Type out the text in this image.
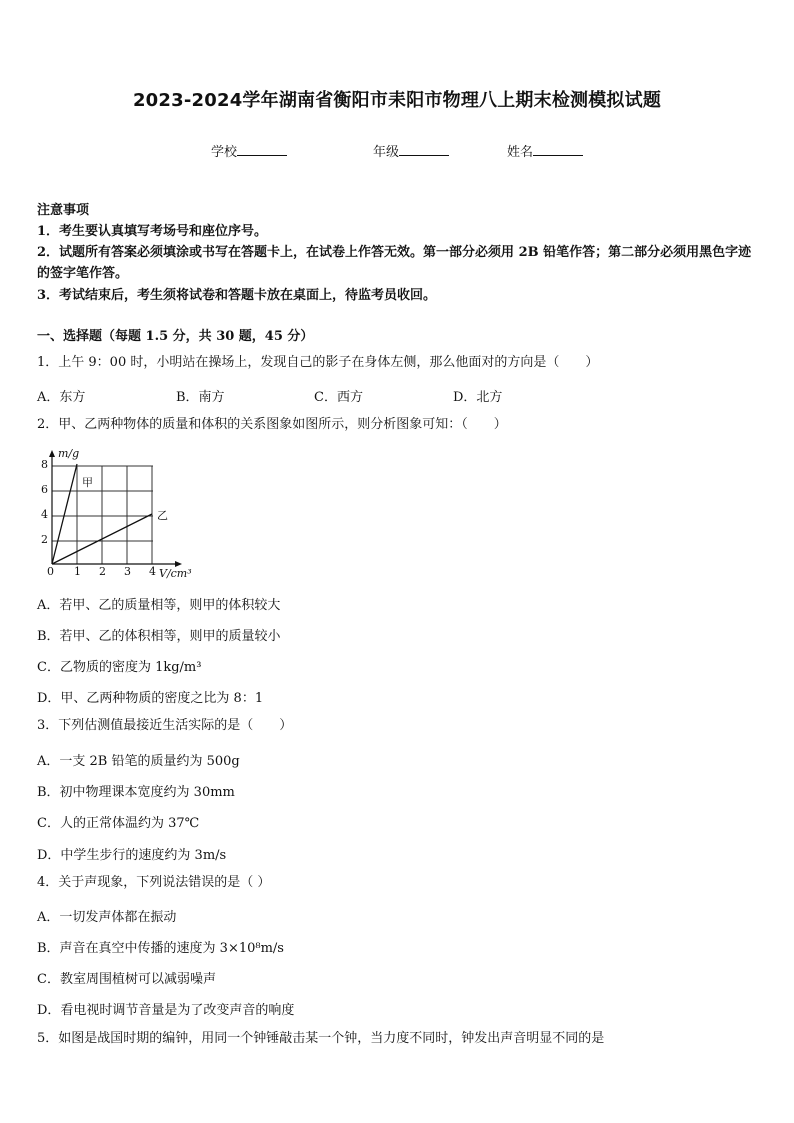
2023-2024学年湖南省衡阳市耒阳市物理八上期末检测模拟试题
学校	年级	姓名
注意事项
1．考生要认真填写考场号和座位序号。
2．试题所有答案必须填涂或书写在答题卡上，在试卷上作答无效。第一部分必须用 2B 铅笔作答；第二部分必须用黑色字迹的签字笔作答。
3．考试结束后，考生须将试卷和答题卡放在桌面上，待监考员收回。
一、选择题（每题 1.5 分，共 30 题，45 分）
1．上午 9：00 时，小明站在操场上，发现自己的影子在身体左侧，那么他面对的方向是（　　）
A．东方	B．南方	C．西方	D．北方
2．甲、乙两种物体的质量和体积的关系图象如图所示，则分析图象可知：（　　）
m/g
V/cm³
0 1 2 3 4
2
4
6
8
甲
乙
A．若甲、乙的质量相等，则甲的体积较大
B．若甲、乙的体积相等，则甲的质量较小
C．乙物质的密度为 1kg/m³
D．甲、乙两种物质的密度之比为 8：1
3．下列估测值最接近生活实际的是（　　）
A．一支 2B 铅笔的质量约为 500g
B．初中物理课本宽度约为 30mm
C．人的正常体温约为 37℃
D．中学生步行的速度约为 3m/s
4．关于声现象，下列说法错误的是（ ）
A．一切发声体都在振动
B．声音在真空中传播的速度为 3×10⁸m/s
C．教室周围植树可以减弱噪声
D．看电视时调节音量是为了改变声音的响度
5．如图是战国时期的编钟，用同一个钟锤敲击某一个钟，当力度不同时，钟发出声音明显不同的是
